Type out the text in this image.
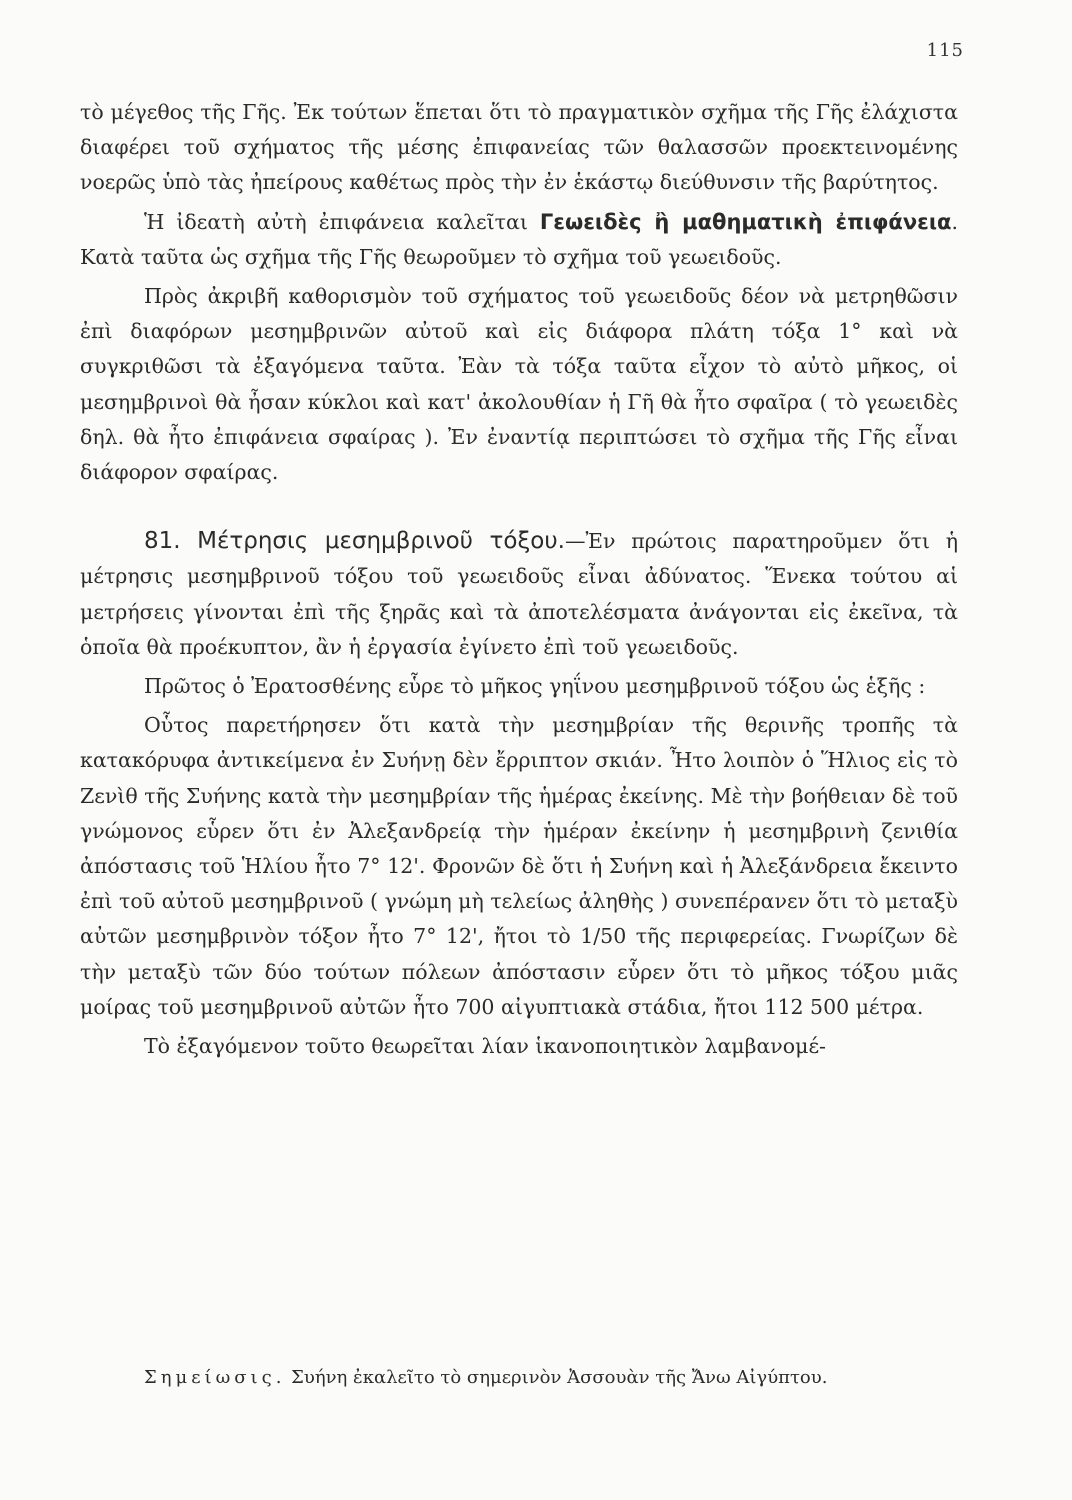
115

τὸ μέγεθος τῆς Γῆς. Ἐκ τούτων ἕπεται ὅτι τὸ πραγματικὸν σχῆμα τῆς Γῆς ἐλάχιστα διαφέρει τοῦ σχήματος τῆς μέσης ἐπιφανείας τῶν θαλασσῶν προεκτεινομένης νοερῶς ὑπὸ τὰς ἠπείρους καθέτως πρὸς τὴν ἐν ἑκάστῳ διεύθυνσιν τῆς βαρύτητος.

Ἡ ἰδεατὴ αὐτὴ ἐπιφάνεια καλεῖται Γεωειδὲς ἢ μαθηματικὴ ἐπιφάνεια. Κατὰ ταῦτα ὡς σχῆμα τῆς Γῆς θεωροῦμεν τὸ σχῆμα τοῦ γεωειδοῦς.

Πρὸς ἀκριβῆ καθορισμὸν τοῦ σχήματος τοῦ γεωειδοῦς δέον νὰ μετρηθῶσιν ἐπὶ διαφόρων μεσημβρινῶν αὐτοῦ καὶ εἰς διάφορα πλάτη τόξα 1° καὶ νὰ συγκριθῶσι τὰ ἐξαγόμενα ταῦτα. Ἐὰν τὰ τόξα ταῦτα εἶχον τὸ αὐτὸ μῆκος, οἱ μεσημβρινοὶ θὰ ἦσαν κύκλοι καὶ κατ' ἀκολουθίαν ἡ Γῆ θὰ ἦτο σφαῖρα ( τὸ γεωειδὲς δηλ. θὰ ἦτο ἐπιφάνεια σφαίρας ). Ἐν ἐναντίᾳ περιπτώσει τὸ σχῆμα τῆς Γῆς εἶναι διάφορον σφαίρας.

81. Μέτρησις μεσημβρινοῦ τόξου.—Ἐν πρώτοις παρατηροῦμεν ὅτι ἡ μέτρησις μεσημβρινοῦ τόξου τοῦ γεωειδοῦς εἶναι ἀδύνατος. Ἕνεκα τούτου αἱ μετρήσεις γίνονται ἐπὶ τῆς ξηρᾶς καὶ τὰ ἀποτελέσματα ἀνάγονται εἰς ἐκεῖνα, τὰ ὁποῖα θὰ προέκυπτον, ἂν ἡ ἐργασία ἐγίνετο ἐπὶ τοῦ γεωειδοῦς.

Πρῶτος ὁ Ἐρατοσθένης εὗρε τὸ μῆκος γηΐνου μεσημβρινοῦ τόξου ὡς ἑξῆς :

Οὗτος παρετήρησεν ὅτι κατὰ τὴν μεσημβρίαν τῆς θερινῆς τροπῆς τὰ κατακόρυφα ἀντικείμενα ἐν Συήνῃ δὲν ἔρριπτον σκιάν. Ἦτο λοιπὸν ὁ Ἥλιος εἰς τὸ Ζενὶθ τῆς Συήνης κατὰ τὴν μεσημβρίαν τῆς ἡμέρας ἐκείνης. Μὲ τὴν βοήθειαν δὲ τοῦ γνώμονος εὗρεν ὅτι ἐν Ἀλεξανδρείᾳ τὴν ἡμέραν ἐκείνην ἡ μεσημβρινὴ ζενιθία ἀπόστασις τοῦ Ἡλίου ἦτο 7° 12'. Φρονῶν δὲ ὅτι ἡ Συήνη καὶ ἡ Ἀλεξάνδρεια ἔκειντο ἐπὶ τοῦ αὐτοῦ μεσημβρινοῦ ( γνώμη μὴ τελείως ἀληθὴς ) συνεπέρανεν ὅτι τὸ μεταξὺ αὐτῶν μεσημβρινὸν τόξον ἦτο 7° 12', ἤτοι τὸ 1/50 τῆς περιφερείας. Γνωρίζων δὲ τὴν μεταξὺ τῶν δύο τούτων πόλεων ἀπόστασιν εὗρεν ὅτι τὸ μῆκος τόξου μιᾶς μοίρας τοῦ μεσημβρινοῦ αὐτῶν ἦτο 700 αἰγυπτιακὰ στάδια, ἤτοι 112 500 μέτρα.

Τὸ ἐξαγόμενον τοῦτο θεωρεῖται λίαν ἱκανοποιητικὸν λαμβανομέ-

Σημείωσις. Συήνη ἐκαλεῖτο τὸ σημερινὸν Ἀσσουὰν τῆς Ἄνω Αἰγύπτου.
